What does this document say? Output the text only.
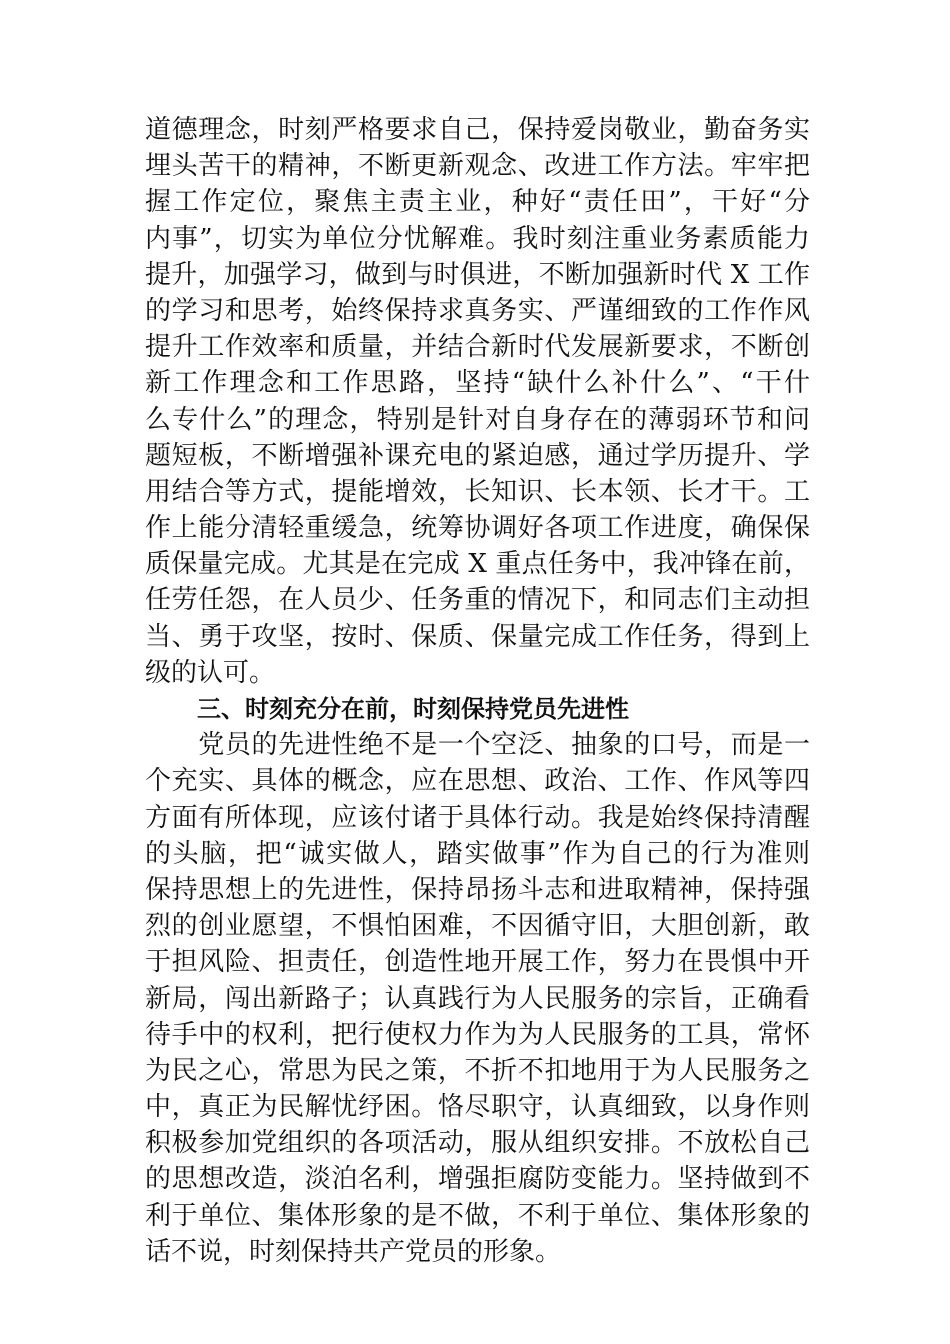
道德理念，时刻严格要求自己，保持爱岗敬业，勤奋务实
埋头苦干的精神，不断更新观念、改进工作方法。牢牢把
握工作定位，聚焦主责主业，种好“责任田”，干好“分
内事”，切实为单位分忧解难。我时刻注重业务素质能力
提升，加强学习，做到与时俱进，不断加强新时代 X 工作
的学习和思考，始终保持求真务实、严谨细致的工作作风
提升工作效率和质量，并结合新时代发展新要求，不断创
新工作理念和工作思路，坚持“缺什么补什么”、“干什
么专什么”的理念，特别是针对自身存在的薄弱环节和问
题短板，不断增强补课充电的紧迫感，通过学历提升、学
用结合等方式，提能增效，长知识、长本领、长才干。工
作上能分清轻重缓急，统筹协调好各项工作进度，确保保
质保量完成。尤其是在完成 X 重点任务中，我冲锋在前，
任劳任怨，在人员少、任务重的情况下，和同志们主动担
当、勇于攻坚，按时、保质、保量完成工作任务，得到上
级的认可。
三、时刻充分在前，时刻保持党员先进性
　　党员的先进性绝不是一个空泛、抽象的口号，而是一
个充实、具体的概念，应在思想、政治、工作、作风等四
方面有所体现，应该付诸于具体行动。我是始终保持清醒
的头脑，把“诚实做人，踏实做事”作为自己的行为准则
保持思想上的先进性，保持昂扬斗志和进取精神，保持强
烈的创业愿望，不惧怕困难，不因循守旧，大胆创新，敢
于担风险、担责任，创造性地开展工作，努力在畏惧中开
新局，闯出新路子；认真践行为人民服务的宗旨，正确看
待手中的权利，把行使权力作为为人民服务的工具，常怀
为民之心，常思为民之策，不折不扣地用于为人民服务之
中，真正为民解忧纾困。恪尽职守，认真细致，以身作则
积极参加党组织的各项活动，服从组织安排。不放松自己
的思想改造，淡泊名利，增强拒腐防变能力。坚持做到不
利于单位、集体形象的是不做，不利于单位、集体形象的
话不说，时刻保持共产党员的形象。
